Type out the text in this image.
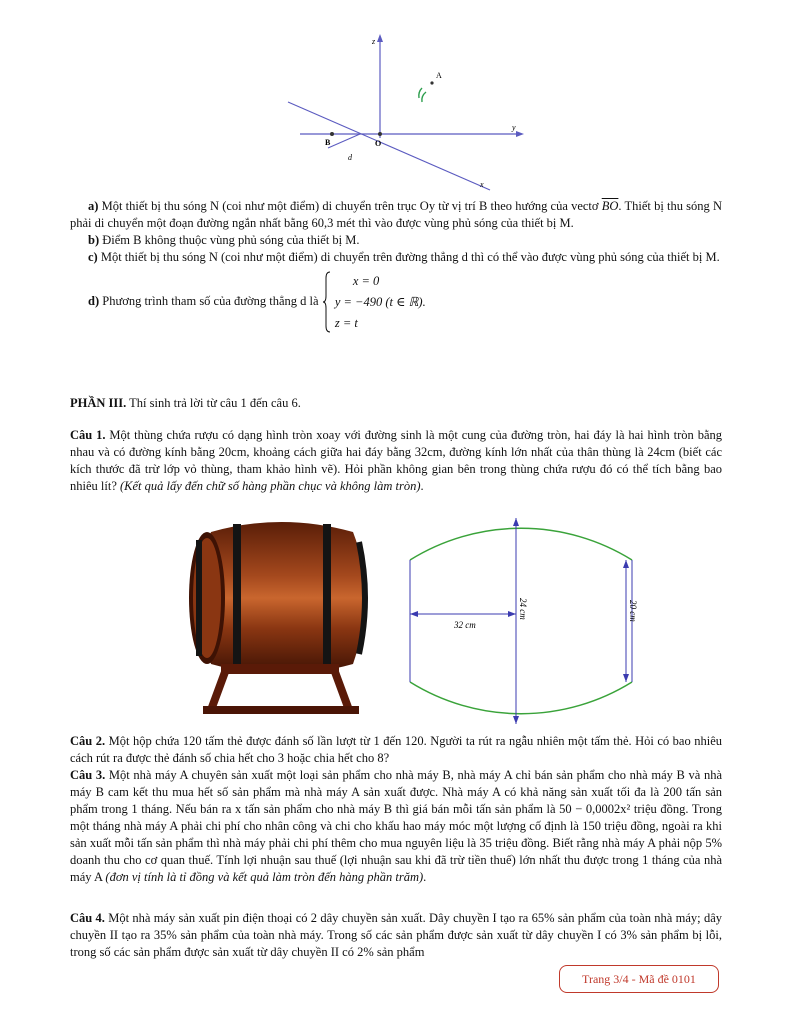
z
A
B	O
d
y
x

a) Một thiết bị thu sóng N (coi như một điểm) di chuyển trên trục Oy từ vị trí B theo hướng của vectơ $\overline{BO}$. Thiết bị thu sóng N phải di chuyển một đoạn đường ngắn nhất bằng 60,3 mét thì vào được vùng phủ sóng của thiết bị M.

b) Điểm B không thuộc vùng phủ sóng của thiết bị M.

c) Một thiết bị thu sóng N (coi như một điểm) di chuyển trên đường thẳng d thì có thể vào được vùng phủ sóng của thiết bị M.

d) Phương trình tham số của đường thẳng d là  x = 0
y = −490 (t ∈ ℝ).
z = t

PHẦN III. Thí sinh trả lời từ câu 1 đến câu 6.
Câu 1. Một thùng chứa rượu có dạng hình tròn xoay với đường sinh là một cung của đường tròn, hai đáy là hai hình tròn bằng nhau và có đường kính bằng 20cm, khoảng cách giữa hai đáy bằng 32cm, đường kính lớn nhất của thân thùng là 24cm (biết các kích thước đã trừ lớp vỏ thùng, tham khảo hình vẽ). Hỏi phần không gian bên trong thùng chứa rượu đó có thể tích bằng bao nhiêu lít? (Kết quả lấy đến chữ số hàng phần chục và không làm tròn).
32 cm
24 cm	20 cm
Câu 2. Một hộp chứa 120 tấm thẻ được đánh số lần lượt từ 1 đến 120. Người ta rút ra ngẫu nhiên một tấm thẻ. Hỏi có bao nhiêu cách rút ra được thẻ đánh số chia hết cho 3 hoặc chia hết cho 8?
Câu 3. Một nhà máy A chuyên sản xuất một loại sản phẩm cho nhà máy B, nhà máy A chỉ bán sản phẩm cho nhà máy B và nhà máy B cam kết thu mua hết số sản phẩm mà nhà máy A sản xuất được. Nhà máy A có khả năng sản xuất tối đa là 200 tấn sản phẩm trong 1 tháng. Nếu bán ra x tấn sản phẩm cho nhà máy B thì giá bán mỗi tấn sản phẩm là 50 − 0,0002x² triệu đồng. Trong một tháng nhà máy A phải chi phí cho nhân công và chi cho khấu hao máy móc một lượng cố định là 150 triệu đồng, ngoài ra khi sản xuất mỗi tấn sản phẩm thì nhà máy phải chi phí thêm cho mua nguyên liệu là 35 triệu đồng. Biết rằng nhà máy A phải nộp 5% doanh thu cho cơ quan thuế. Tính lợi nhuận sau thuế (lợi nhuận sau khi đã trừ tiền thuế) lớn nhất thu được trong 1 tháng của nhà máy A (đơn vị tính là tỉ đồng và kết quả làm tròn đến hàng phần trăm).
Câu 4. Một nhà máy sản xuất pin điện thoại có 2 dây chuyền sản xuất. Dây chuyền I tạo ra 65% sản phẩm của toàn nhà máy; dây chuyền II tạo ra 35% sản phẩm của toàn nhà máy. Trong số các sản phẩm được sản xuất từ dây chuyền I có 3% sản phẩm bị lỗi, trong số các sản phẩm được sản xuất từ dây chuyền II có 2% sản phẩm
Trang 3/4 - Mã đề 0101
